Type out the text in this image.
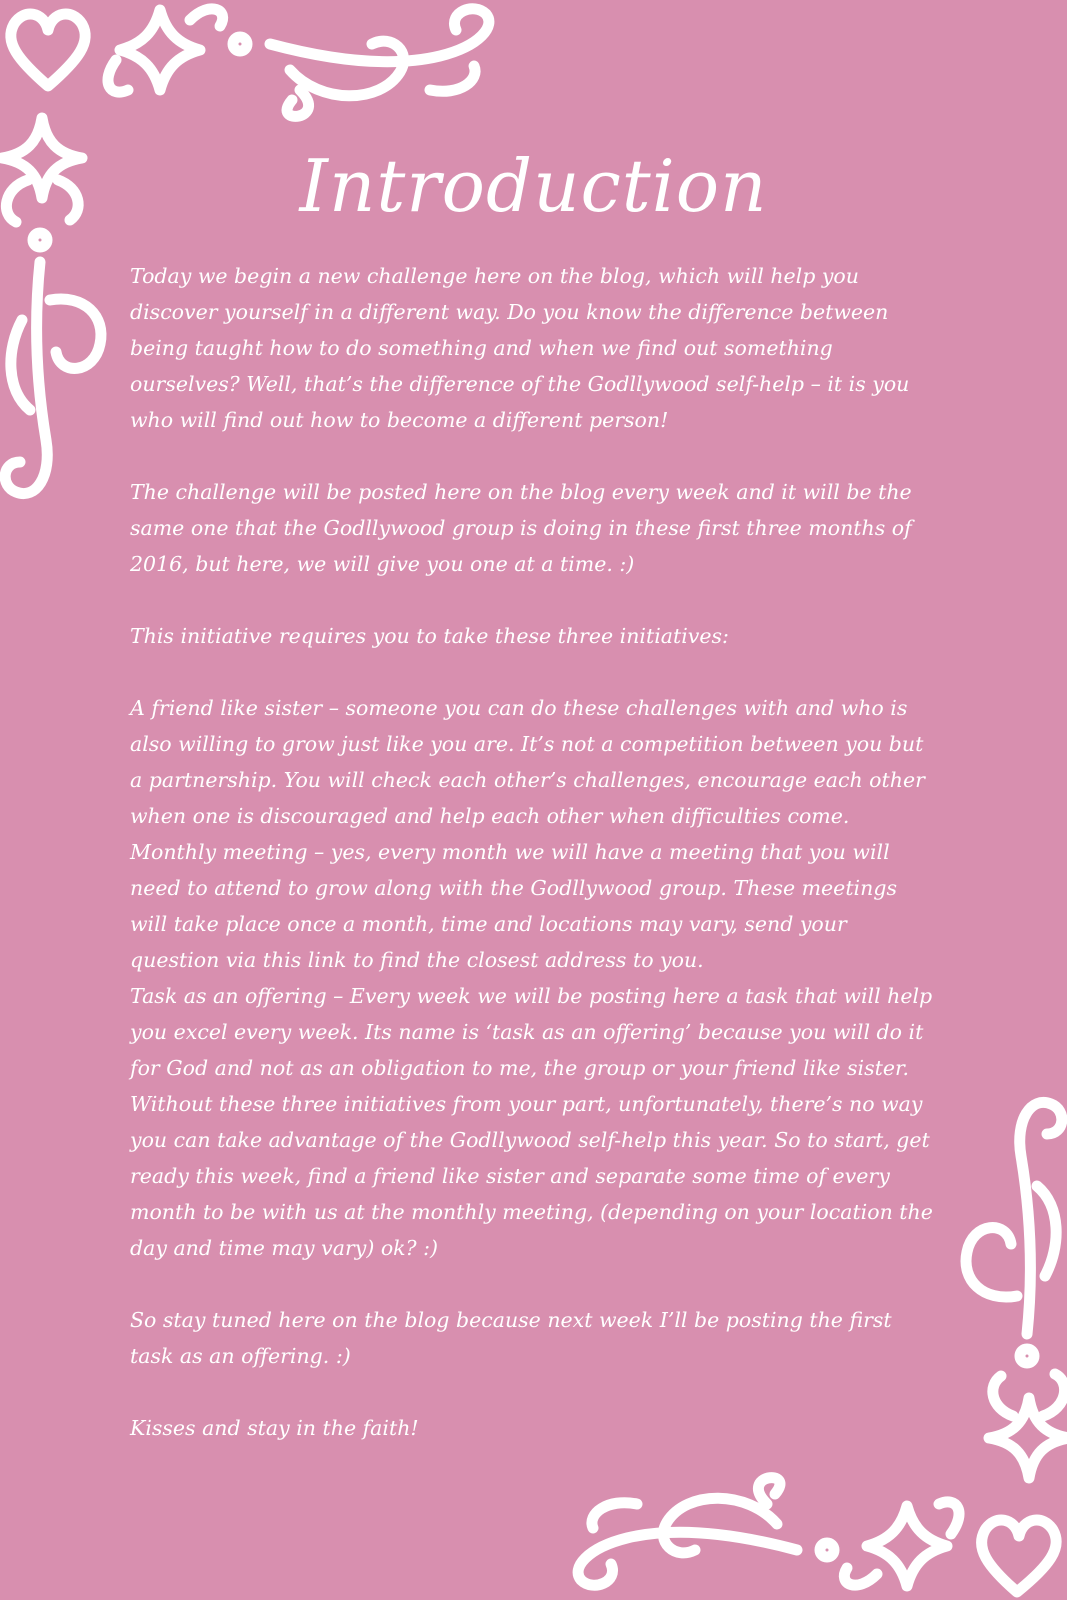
Introduction

Today we begin a new challenge here on the blog, which will help you discover yourself in a different way. Do you know the difference between being taught how to do something and when we find out something ourselves? Well, that’s the difference of the Godllywood self-help – it is you who will find out how to become a different person!

The challenge will be posted here on the blog every week and it will be the same one that the Godllywood group is doing in these first three months of 2016, but here, we will give you one at a time. :)

This initiative requires you to take these three initiatives:

A friend like sister – someone you can do these challenges with and who is also willing to grow just like you are. It’s not a competition between you but a partnership. You will check each other’s challenges, encourage each other when one is discouraged and help each other when difficulties come.

Monthly meeting – yes, every month we will have a meeting that you will need to attend to grow along with the Godllywood group. These meetings will take place once a month, time and locations may vary, send your question via this link to find the closest address to you.

Task as an offering – Every week we will be posting here a task that will help you excel every week. Its name is ‘task as an offering’ because you will do it for God and not as an obligation to me, the group or your friend like sister.

Without these three initiatives from your part, unfortunately, there’s no way you can take advantage of the Godllywood self-help this year. So to start, get ready this week, find a friend like sister and separate some time of every month to be with us at the monthly meeting, (depending on your location the day and time may vary) ok? :)

So stay tuned here on the blog because next week I’ll be posting the first task as an offering. :)

Kisses and stay in the faith!
